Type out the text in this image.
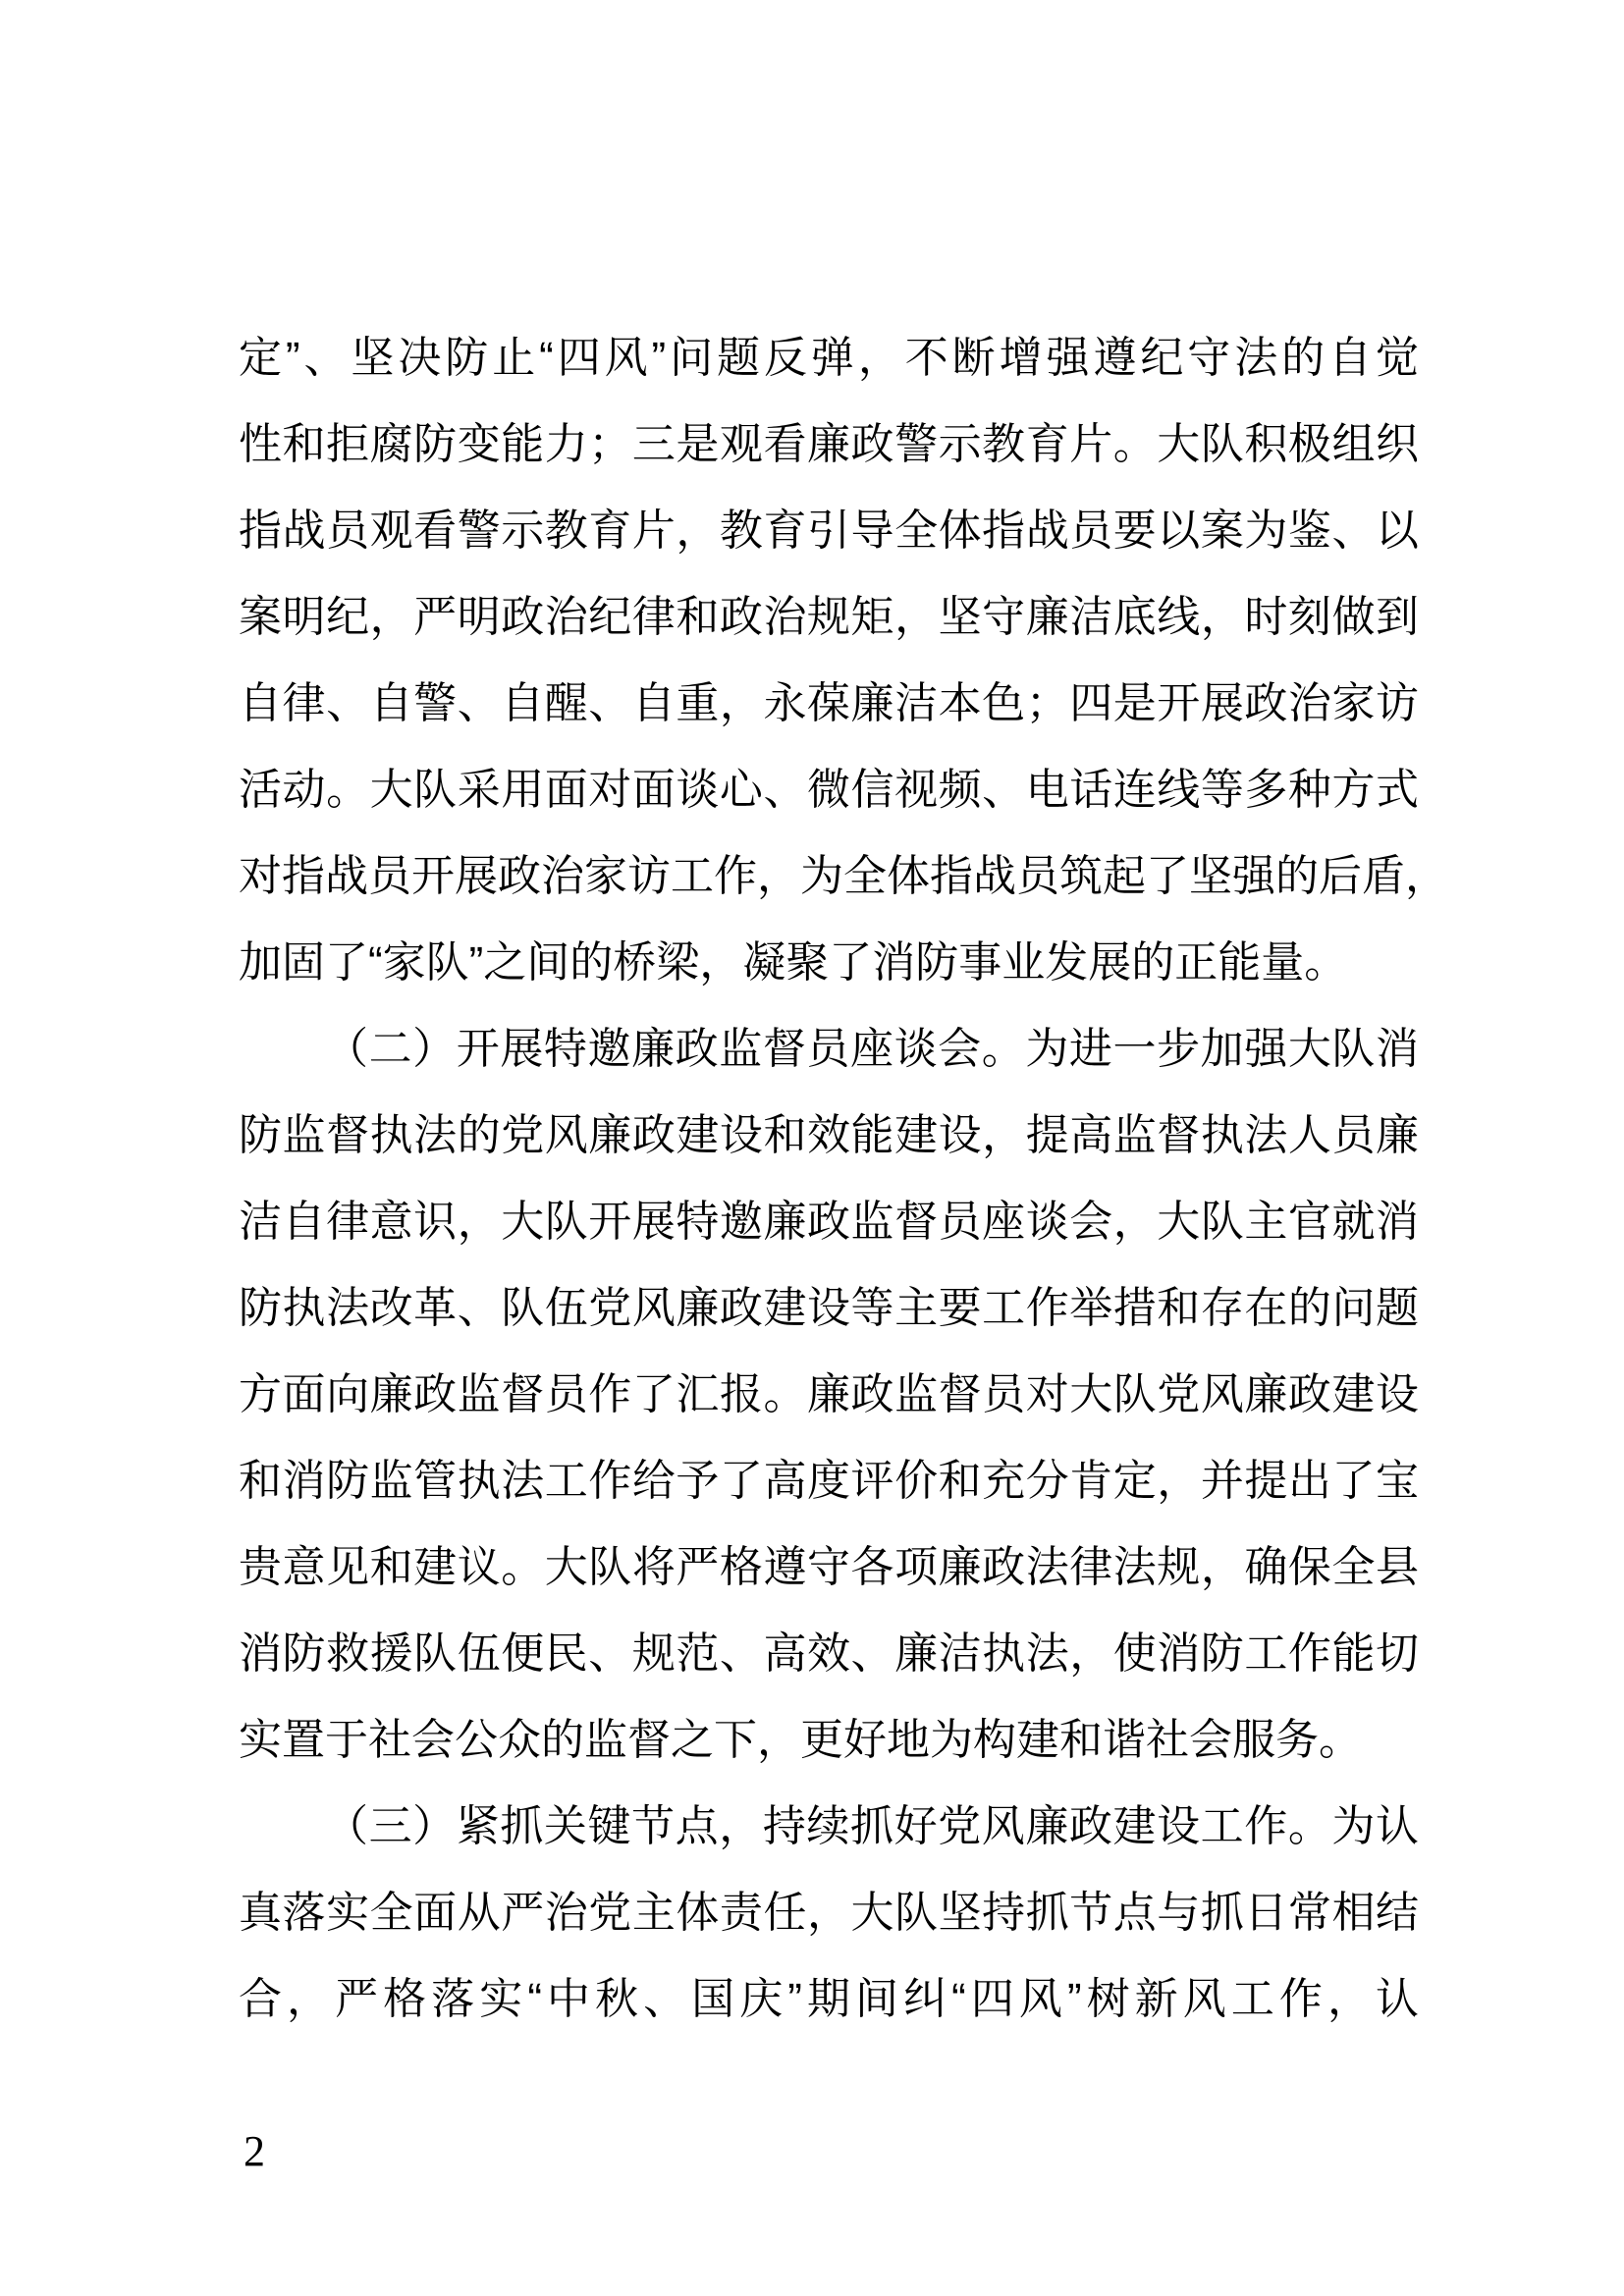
定”、坚决防止“四风”问题反弹，不断增强遵纪守法的自觉
性和拒腐防变能力；三是观看廉政警示教育片。大队积极组织
指战员观看警示教育片，教育引导全体指战员要以案为鉴、以
案明纪，严明政治纪律和政治规矩，坚守廉洁底线，时刻做到
自律、自警、自醒、自重，永葆廉洁本色；四是开展政治家访
活动。大队采用面对面谈心、微信视频、电话连线等多种方式
对指战员开展政治家访工作，为全体指战员筑起了坚强的后盾，
加固了“家队”之间的桥梁，凝聚了消防事业发展的正能量。
（二）开展特邀廉政监督员座谈会。为进一步加强大队消
防监督执法的党风廉政建设和效能建设，提高监督执法人员廉
洁自律意识，大队开展特邀廉政监督员座谈会，大队主官就消
防执法改革、队伍党风廉政建设等主要工作举措和存在的问题
方面向廉政监督员作了汇报。廉政监督员对大队党风廉政建设
和消防监管执法工作给予了高度评价和充分肯定，并提出了宝
贵意见和建议。大队将严格遵守各项廉政法律法规，确保全县
消防救援队伍便民、规范、高效、廉洁执法，使消防工作能切
实置于社会公众的监督之下，更好地为构建和谐社会服务。
（三）紧抓关键节点，持续抓好党风廉政建设工作。为认
真落实全面从严治党主体责任，大队坚持抓节点与抓日常相结
合，严格落实“中秋、国庆”期间纠“四风”树新风工作，认
2
